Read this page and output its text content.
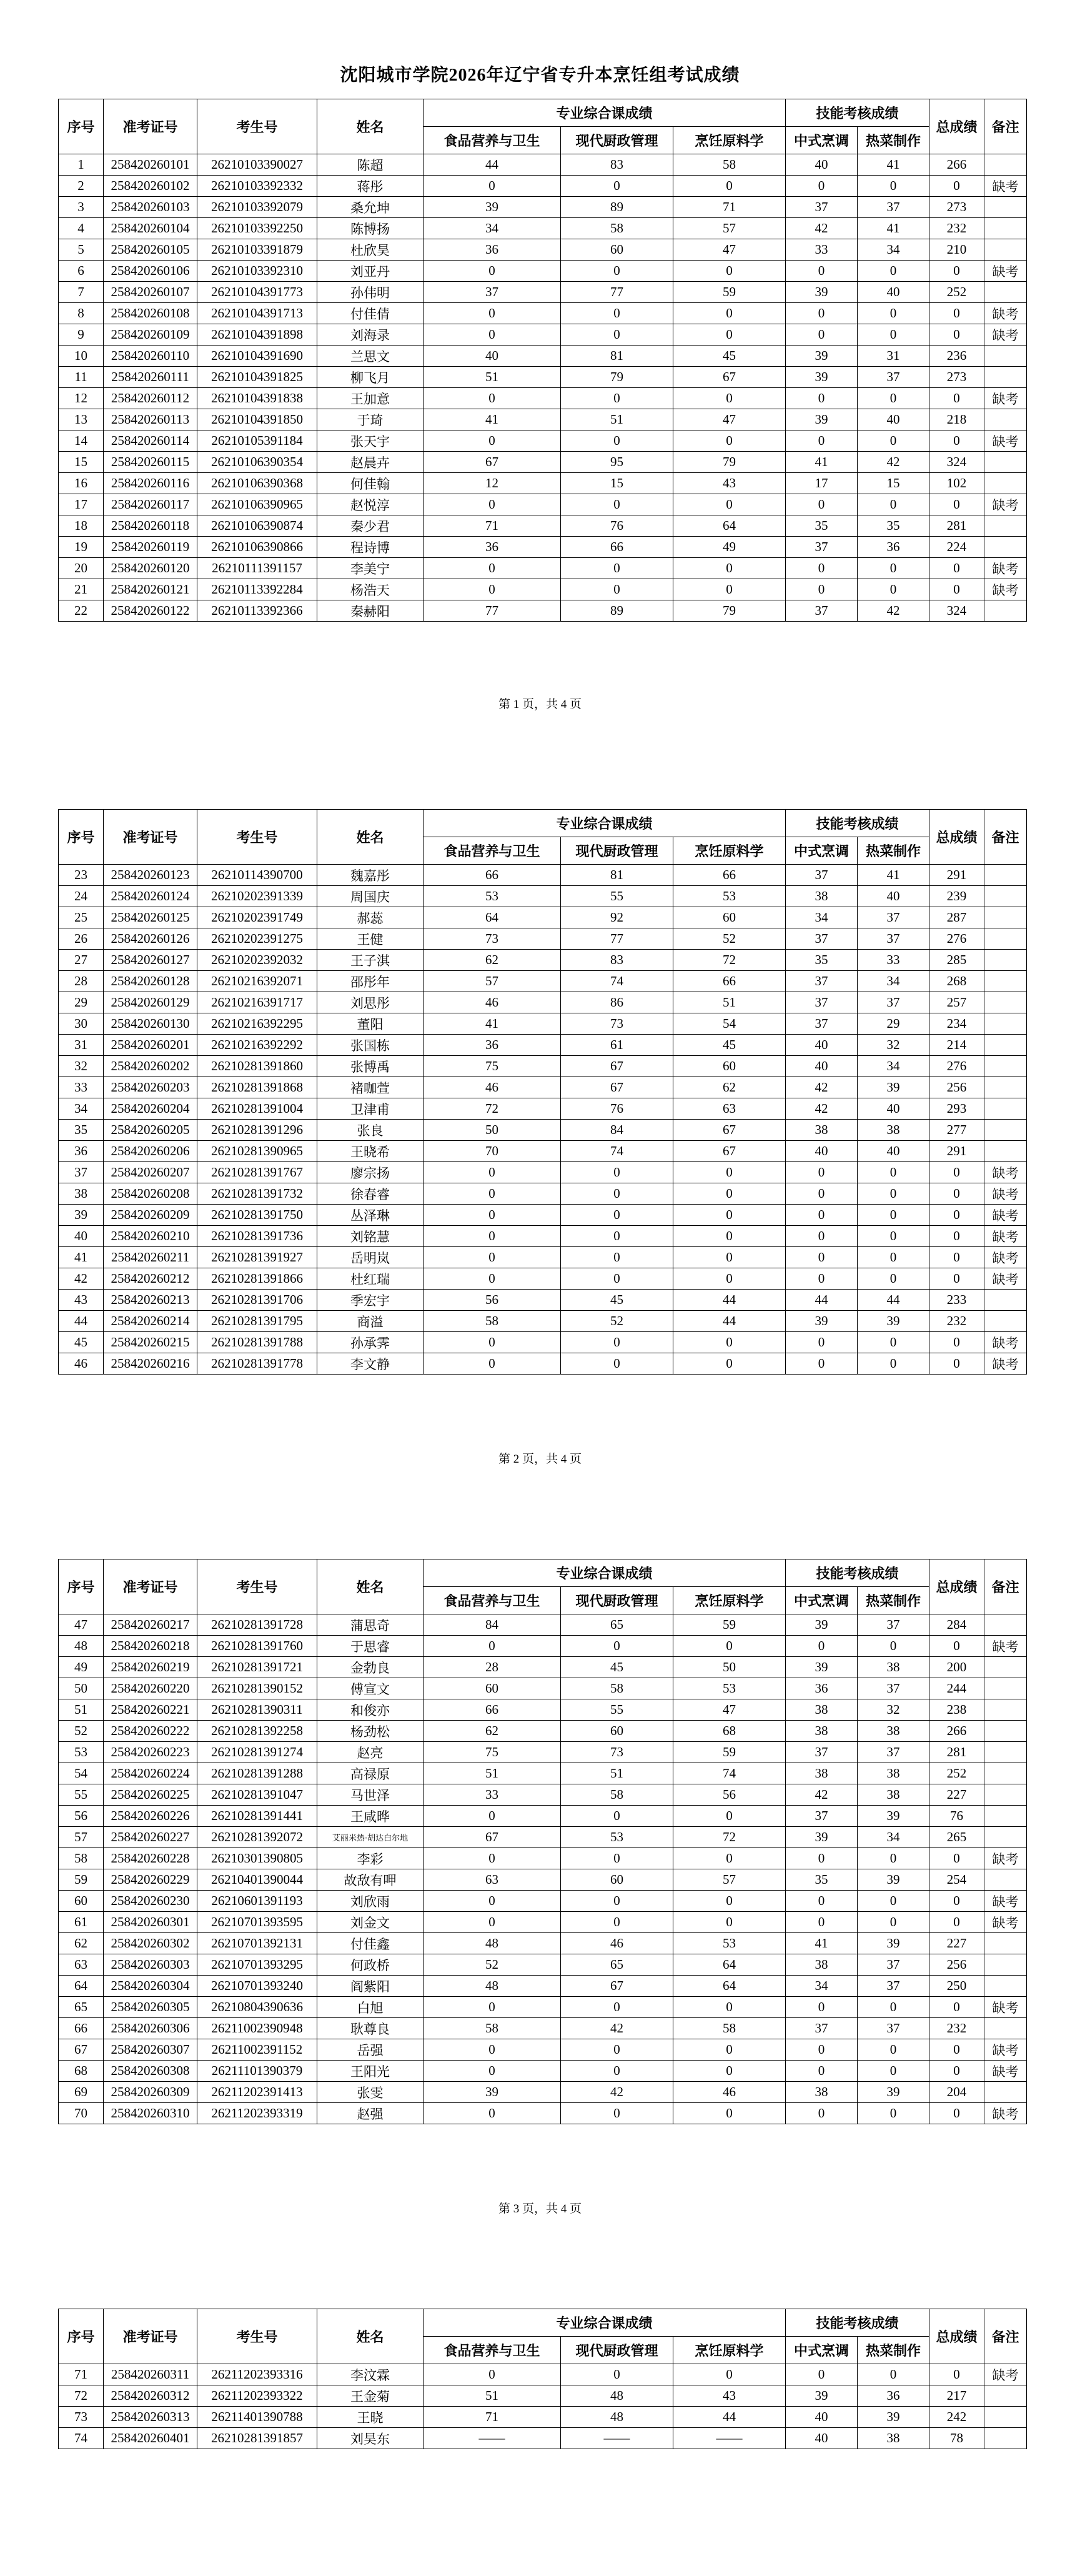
沈阳城市学院2026年辽宁省专升本烹饪组考试成绩
序号	准考证号	考生号	姓名	专业综合课成绩			技能考核成绩		总成绩	备注
				食品营养与卫生	现代厨政管理	烹饪原料学	中式烹调	热菜制作		
1	258420260101	26210103390027	陈超	44	83	58	40	41	266	
2	258420260102	26210103392332	蒋彤	0	0	0	0	0	0	缺考
3	258420260103	26210103392079	桑允坤	39	89	71	37	37	273	
4	258420260104	26210103392250	陈博扬	34	58	57	42	41	232	
5	258420260105	26210103391879	杜欣昊	36	60	47	33	34	210	
6	258420260106	26210103392310	刘亚丹	0	0	0	0	0	0	缺考
7	258420260107	26210104391773	孙伟明	37	77	59	39	40	252	
8	258420260108	26210104391713	付佳倩	0	0	0	0	0	0	缺考
9	258420260109	26210104391898	刘海录	0	0	0	0	0	0	缺考
10	258420260110	26210104391690	兰思文	40	81	45	39	31	236	
11	258420260111	26210104391825	柳飞月	51	79	67	39	37	273	
12	258420260112	26210104391838	王加意	0	0	0	0	0	0	缺考
13	258420260113	26210104391850	于琦	41	51	47	39	40	218	
14	258420260114	26210105391184	张天宇	0	0	0	0	0	0	缺考
15	258420260115	26210106390354	赵晨卉	67	95	79	41	42	324	
16	258420260116	26210106390368	何佳翰	12	15	43	17	15	102	
17	258420260117	26210106390965	赵悦淳	0	0	0	0	0	0	缺考
18	258420260118	26210106390874	秦少君	71	76	64	35	35	281	
19	258420260119	26210106390866	程诗博	36	66	49	37	36	224	
20	258420260120	26210111391157	李美宁	0	0	0	0	0	0	缺考
21	258420260121	26210113392284	杨浩天	0	0	0	0	0	0	缺考
22	258420260122	26210113392366	秦赫阳	77	89	79	37	42	324	
第 1 页，共 4 页
序号	准考证号	考生号	姓名	专业综合课成绩			技能考核成绩		总成绩	备注
				食品营养与卫生	现代厨政管理	烹饪原料学	中式烹调	热菜制作		
23	258420260123	26210114390700	魏嘉彤	66	81	66	37	41	291	
24	258420260124	26210202391339	周国庆	53	55	53	38	40	239	
25	258420260125	26210202391749	郝蕊	64	92	60	34	37	287	
26	258420260126	26210202391275	王健	73	77	52	37	37	276	
27	258420260127	26210202392032	王子淇	62	83	72	35	33	285	
28	258420260128	26210216392071	邵彤年	57	74	66	37	34	268	
29	258420260129	26210216391717	刘思彤	46	86	51	37	37	257	
30	258420260130	26210216392295	董阳	41	73	54	37	29	234	
31	258420260201	26210216392292	张国栋	36	61	45	40	32	214	
32	258420260202	26210281391860	张博禹	75	67	60	40	34	276	
33	258420260203	26210281391868	褚咖萱	46	67	62	42	39	256	
34	258420260204	26210281391004	卫津甫	72	76	63	42	40	293	
35	258420260205	26210281391296	张良	50	84	67	38	38	277	
36	258420260206	26210281390965	王晓希	70	74	67	40	40	291	
37	258420260207	26210281391767	廖宗扬	0	0	0	0	0	0	缺考
38	258420260208	26210281391732	徐春睿	0	0	0	0	0	0	缺考
39	258420260209	26210281391750	丛泽琳	0	0	0	0	0	0	缺考
40	258420260210	26210281391736	刘铭慧	0	0	0	0	0	0	缺考
41	258420260211	26210281391927	岳明岚	0	0	0	0	0	0	缺考
42	258420260212	26210281391866	杜红瑞	0	0	0	0	0	0	缺考
43	258420260213	26210281391706	季宏宇	56	45	44	44	44	233	
44	258420260214	26210281391795	商溢	58	52	44	39	39	232	
45	258420260215	26210281391788	孙承霁	0	0	0	0	0	0	缺考
46	258420260216	26210281391778	李文静	0	0	0	0	0	0	缺考
第 2 页，共 4 页
序号	准考证号	考生号	姓名	专业综合课成绩			技能考核成绩		总成绩	备注
				食品营养与卫生	现代厨政管理	烹饪原料学	中式烹调	热菜制作		
47	258420260217	26210281391728	蒲思奇	84	65	59	39	37	284	
48	258420260218	26210281391760	于思睿	0	0	0	0	0	0	缺考
49	258420260219	26210281391721	金勃良	28	45	50	39	38	200	
50	258420260220	26210281390152	傅宣文	60	58	53	36	37	244	
51	258420260221	26210281390311	和俊亦	66	55	47	38	32	238	
52	258420260222	26210281392258	杨劲松	62	60	68	38	38	266	
53	258420260223	26210281391274	赵亮	75	73	59	37	37	281	
54	258420260224	26210281391288	高禄原	51	51	74	38	38	252	
55	258420260225	26210281391047	马世泽	33	58	56	42	38	227	
56	258420260226	26210281391441	王咸晔	0	0	0	37	39	76	
57	258420260227	26210281392072	艾丽米热·胡达白尔地	67	53	72	39	34	265	
58	258420260228	26210301390805	李彩	0	0	0	0	0	0	缺考
59	258420260229	26210401390044	故敌有呷	63	60	57	35	39	254	
60	258420260230	26210601391193	刘欣雨	0	0	0	0	0	0	缺考
61	258420260301	26210701393595	刘金文	0	0	0	0	0	0	缺考
62	258420260302	26210701392131	付佳鑫	48	46	53	41	39	227	
63	258420260303	26210701393295	何政桥	52	65	64	38	37	256	
64	258420260304	26210701393240	阎紫阳	48	67	64	34	37	250	
65	258420260305	26210804390636	白旭	0	0	0	0	0	0	缺考
66	258420260306	26211002390948	耿尊良	58	42	58	37	37	232	
67	258420260307	26211002391152	岳强	0	0	0	0	0	0	缺考
68	258420260308	26211101390379	王阳光	0	0	0	0	0	0	缺考
69	258420260309	26211202391413	张雯	39	42	46	38	39	204	
70	258420260310	26211202393319	赵强	0	0	0	0	0	0	缺考
第 3 页，共 4 页
序号	准考证号	考生号	姓名	专业综合课成绩			技能考核成绩		总成绩	备注
				食品营养与卫生	现代厨政管理	烹饪原料学	中式烹调	热菜制作		
71	258420260311	26211202393316	李汶霖	0	0	0	0	0	0	缺考
72	258420260312	26211202393322	王金菊	51	48	43	39	36	217	
73	258420260313	26211401390788	王晓	71	48	44	40	39	242	
74	258420260401	26210281391857	刘昊东	——	——	——	40	38	78	
